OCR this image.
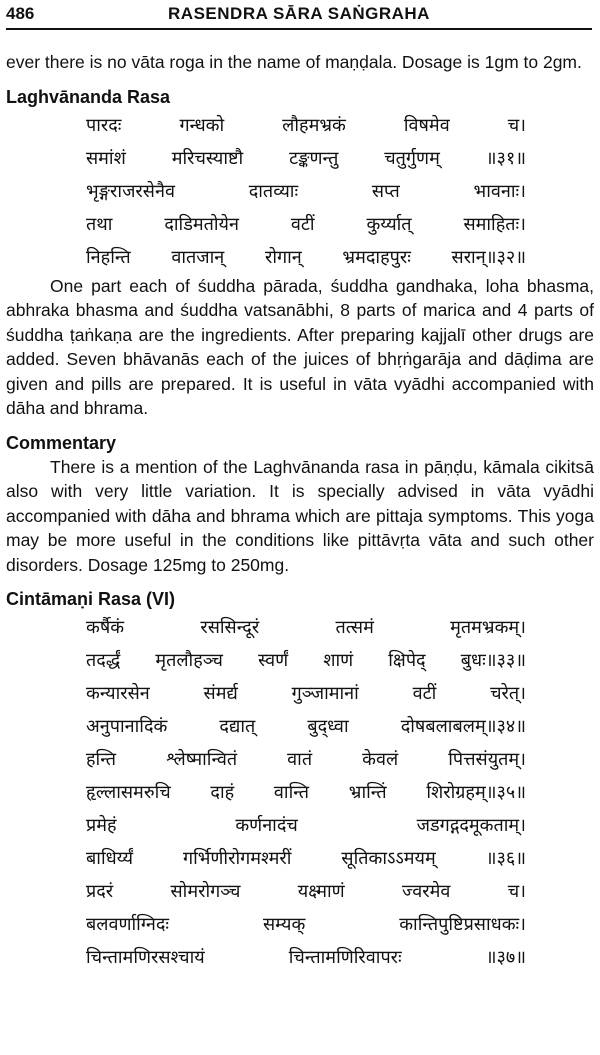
486	RASENDRA SĀRA SAṄGRAHA

ever there is no vāta roga in the name of maṇḍala. Dosage is 1gm to 2gm.

Laghvānanda Rasa
पारदः गन्धको लौहमभ्रकं विषमेव च।
समांशं मरिचस्याष्टौ टङ्कणन्तु चतुर्गुणम् ॥३१॥
भृङ्गराजरसेनैव दातव्याः सप्त भावनाः।
तथा दाडिमतोयेन वटीं कुर्य्यात् समाहितः।
निहन्ति वातजान् रोगान् भ्रमदाहपुरः सरान्॥३२॥

One part each of śuddha pārada, śuddha gandhaka, loha bhasma, abhraka bhasma and śuddha vatsanābhi, 8 parts of marica and 4 parts of śuddha ṭaṅkaṇa are the ingredients. After preparing kajjalī other drugs are added. Seven bhāvanās each of the juices of bhṛṅgarāja and dāḍima are given and pills are prepared. It is useful in vāta vyādhi accompanied with dāha and bhrama.

Commentary

There is a mention of the Laghvānanda rasa in pāṇḍu, kāmala cikitsā also with very little variation. It is specially advised in vāta vyādhi accompanied with dāha and bhrama which are pittaja symptoms. This yoga may be more useful in the conditions like pittāvṛta vāta and such other disorders. Dosage 125mg to 250mg.

Cintāmaṇi Rasa (VI)
कर्षैकं रससिन्दूरं तत्समं मृतमभ्रकम्।
तदर्द्धं मृतलौहञ्च स्वर्णं शाणं क्षिपेद् बुधः॥३३॥
कन्यारसेन संमर्द्य गुञ्जामानां वटीं चरेत्।
अनुपानादिकं दद्यात् बुद्ध्वा दोषबलाबलम्॥३४॥
हन्ति श्लेष्मान्वितं वातं केवलं पित्तसंयुतम्।
हृल्लासमरुचि दाहं वान्ति भ्रान्तिं शिरोग्रहम्॥३५॥
प्रमेहं कर्णनादंच जडगद्गदमूकताम्।
बाधिर्य्यं गर्भिणीरोगमश्मरीं सूतिकाऽऽमयम् ॥३६॥
प्रदरं सोमरोगञ्च यक्ष्माणं ज्वरमेव च।
बलवर्णाग्निदः सम्यक् कान्तिपुष्टिप्रसाधकः।
चिन्तामणिरसश्चायं चिन्तामणिरिवापरः ॥३७॥
